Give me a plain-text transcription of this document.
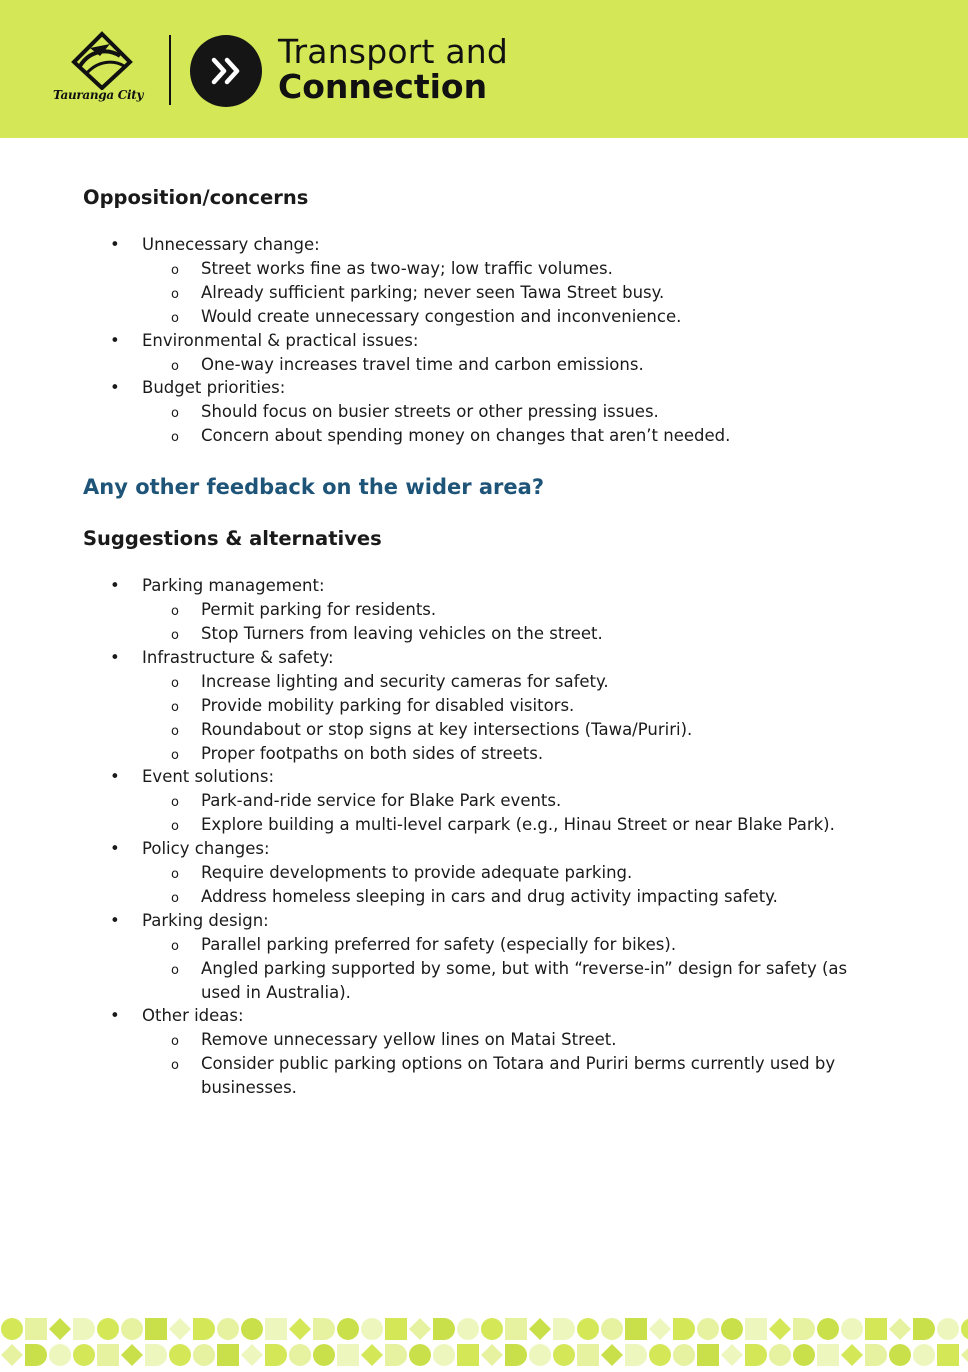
Tauranga City
Transport and
Connection
Opposition/concerns
• Unnecessary change:
o Street works fine as two-way; low traffic volumes.
o Already sufficient parking; never seen Tawa Street busy.
o Would create unnecessary congestion and inconvenience.
• Environmental & practical issues:
o One-way increases travel time and carbon emissions.
• Budget priorities:
o Should focus on busier streets or other pressing issues.
o Concern about spending money on changes that aren’t needed.
Any other feedback on the wider area?
Suggestions & alternatives
• Parking management:
o Permit parking for residents.
o Stop Turners from leaving vehicles on the street.
• Infrastructure & safety:
o Increase lighting and security cameras for safety.
o Provide mobility parking for disabled visitors.
o Roundabout or stop signs at key intersections (Tawa/Puriri).
o Proper footpaths on both sides of streets.
• Event solutions:
o Park-and-ride service for Blake Park events.
o Explore building a multi-level carpark (e.g., Hinau Street or near Blake Park).
• Policy changes:
o Require developments to provide adequate parking.
o Address homeless sleeping in cars and drug activity impacting safety.
• Parking design:
o Parallel parking preferred for safety (especially for bikes).
o Angled parking supported by some, but with “reverse-in” design for safety (as used in Australia).
• Other ideas:
o Remove unnecessary yellow lines on Matai Street.
o Consider public parking options on Totara and Puriri berms currently used by businesses.
